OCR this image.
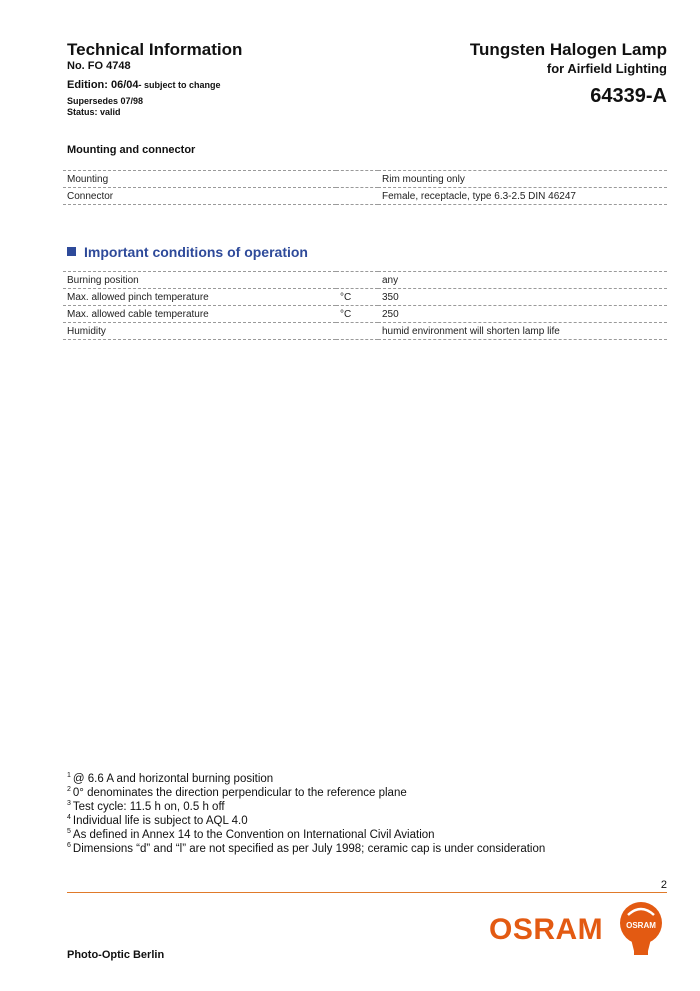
Technical Information
No. FO 4748
Edition: 06/04- subject to change
Supersedes 07/98
Status: valid
Tungsten Halogen Lamp
for Airfield Lighting
64339-A
Mounting and connector
Mounting		Rim mounting only
Connector		Female, receptacle, type 6.3-2.5 DIN 46247
Important conditions of operation
Burning position		any
Max. allowed pinch temperature	°C	350
Max. allowed cable temperature	°C	250
Humidity		humid environment will shorten lamp life
$^1$ @ 6.6 A and horizontal burning position
$^2$ 0° denominates the direction perpendicular to the reference plane
$^3$ Test cycle: 11.5 h on, 0.5 h off
$^4$ Individual life is subject to AQL 4.0
$^5$ As defined in Annex 14 to the Convention on International Civil Aviation
$^6$ Dimensions “d” and “l” are not specified as per July 1998; ceramic cap is under consideration
2
OSRAM	OSRAM
Photo-Optic Berlin
